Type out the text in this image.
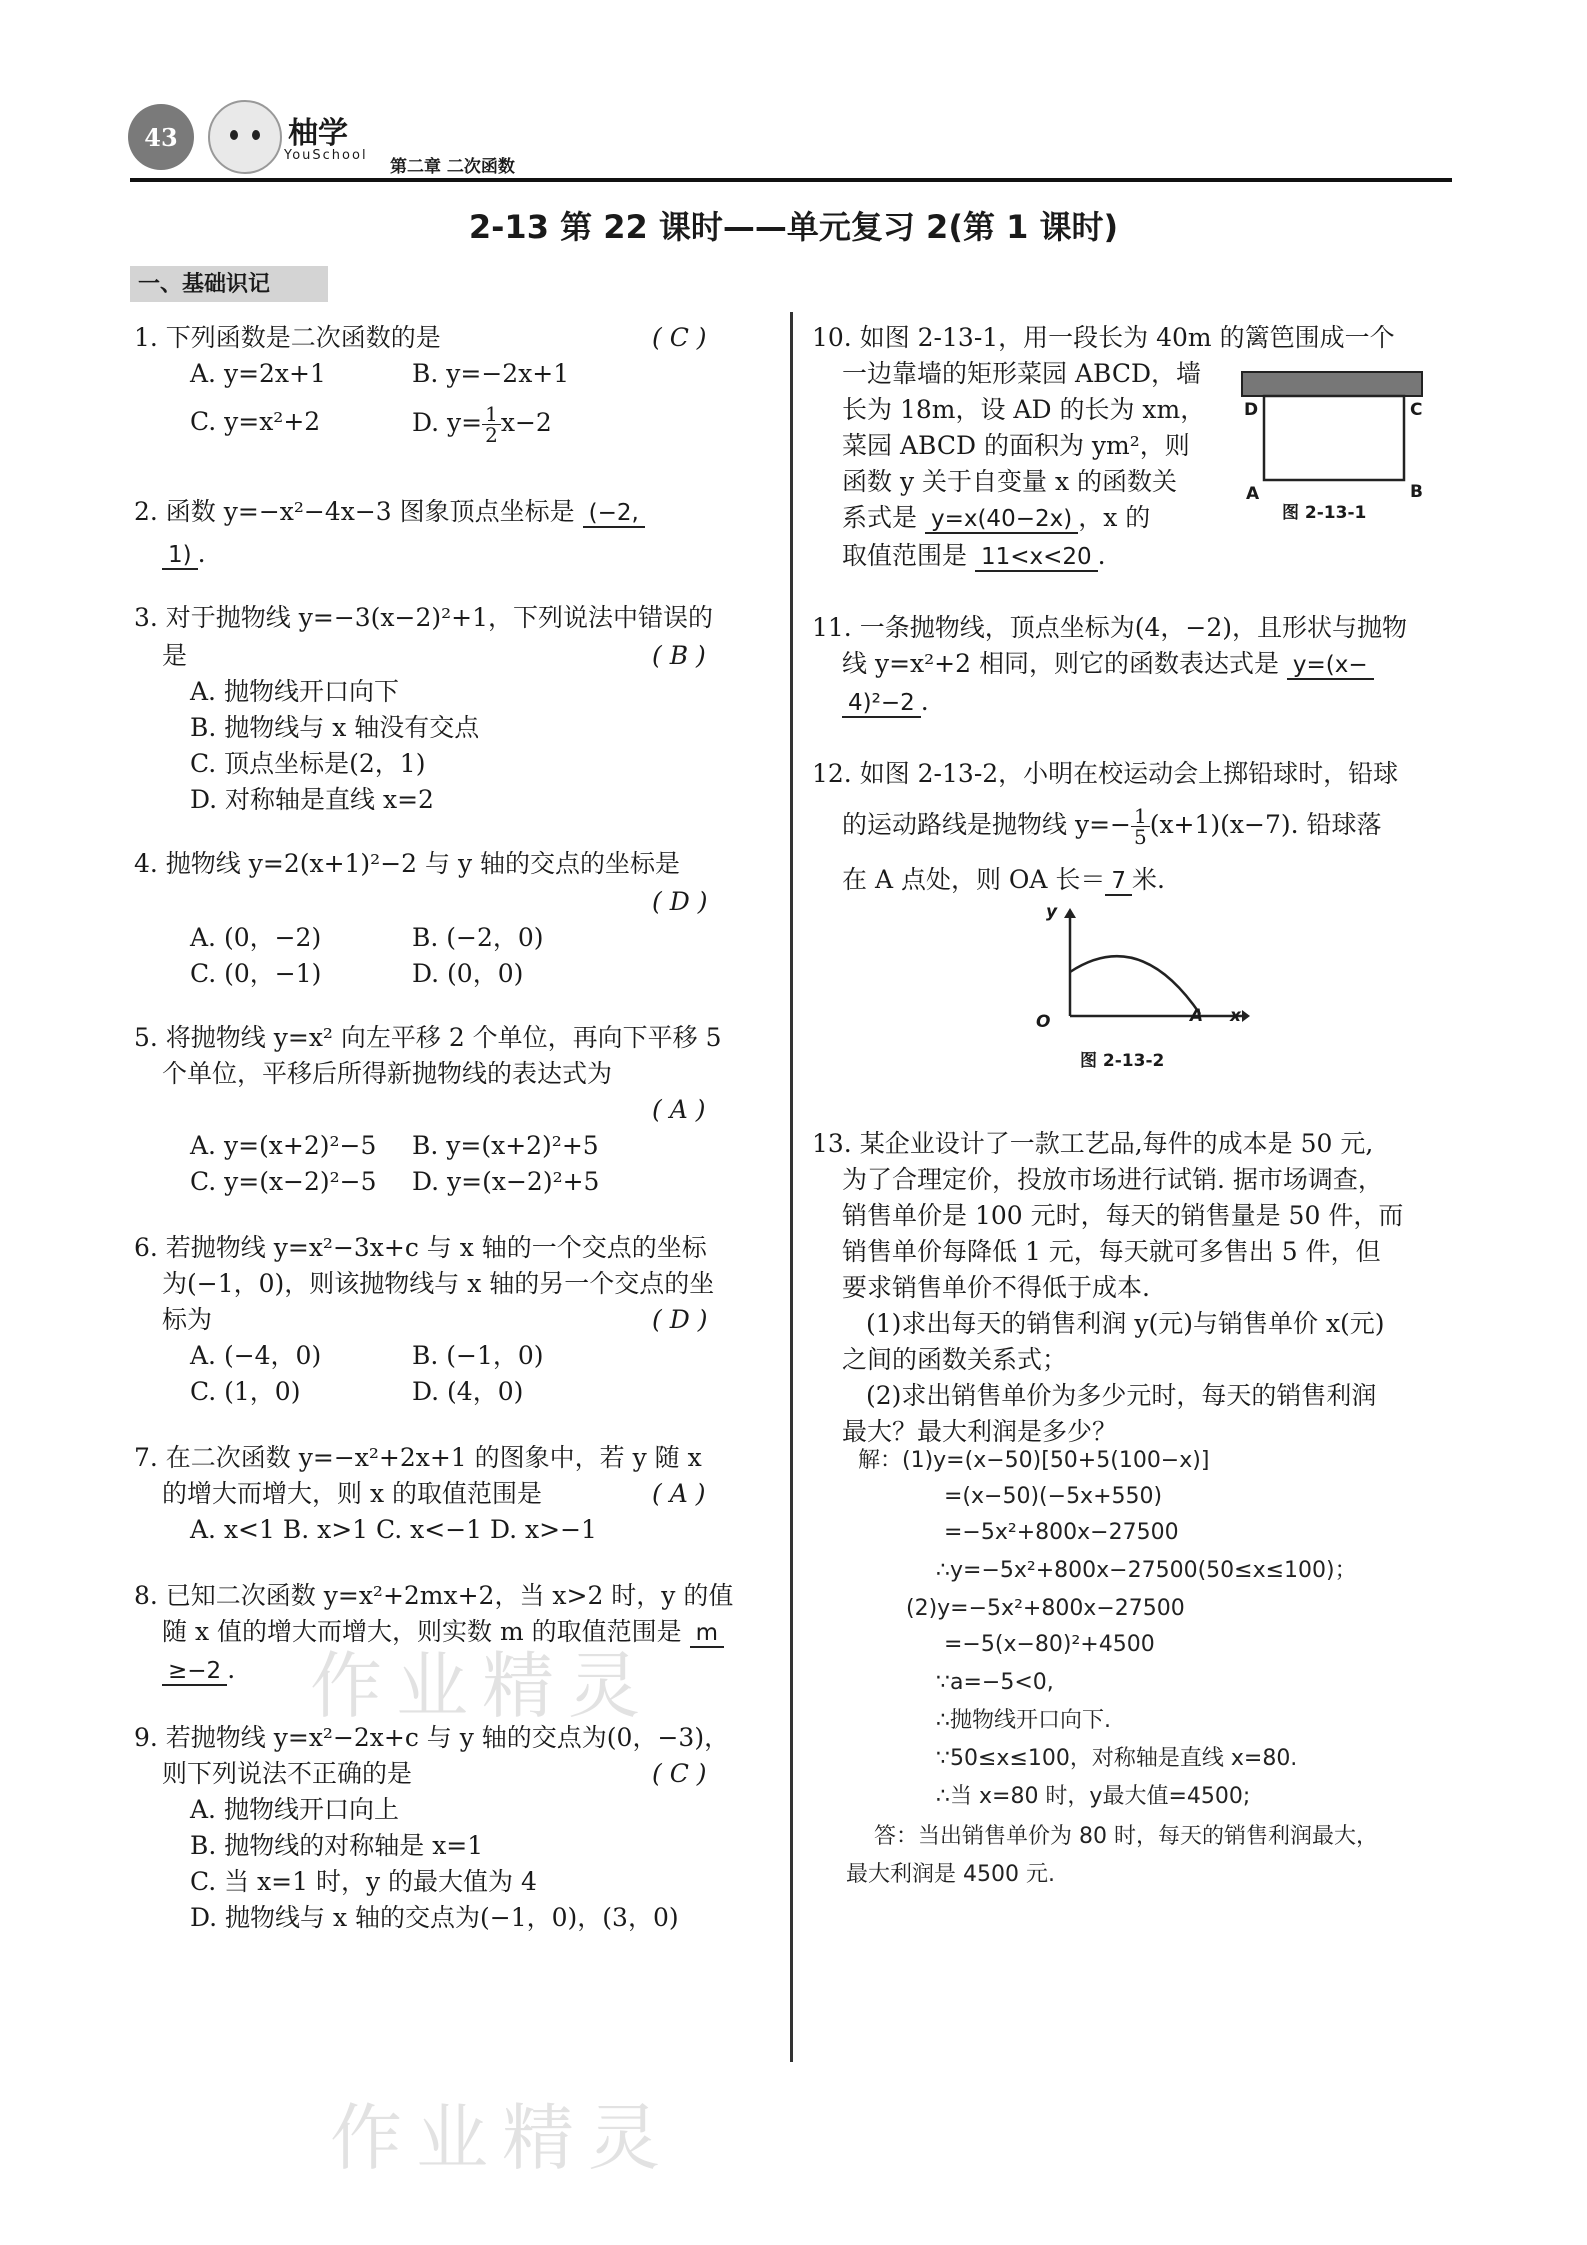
43	柚学
YouSchool
第二章 二次函数
2-13 第 22 课时——单元复习 2(第 1 课时)
一、基础识记
1. 下列函数是二次函数的是	( C )
A. y=2x+1	B. y=−2x+1
C. y=x²+2	D. $y= \frac{1}{2} x-2$
2. 函数 y=−x²−4x−3 图象顶点坐标是 (−2,
1) .
3. 对于抛物线 y=−3(x−2)²+1，下列说法中错误的
是	( B )
A. 抛物线开口向下
B. 抛物线与 x 轴没有交点
C. 顶点坐标是(2，1)
D. 对称轴是直线 x=2
4. 抛物线 y=2(x+1)²−2 与 y 轴的交点的坐标是
( D )
A. (0，−2)	B. (−2，0)
C. (0，−1)	D. (0，0)
5. 将抛物线 y=x² 向左平移 2 个单位，再向下平移 5
个单位，平移后所得新抛物线的表达式为
( A )
A. y=(x+2)²−5 B. y=(x+2)²+5
C. y=(x−2)²−5 D. y=(x−2)²+5
6. 若抛物线 y=x²−3x+c 与 x 轴的一个交点的坐标
为(−1，0)，则该抛物线与 x 轴的另一个交点的坐
标为	( D )
A. (−4，0)	B. (−1，0)
C. (1，0)	D. (4，0)
7. 在二次函数 y=−x²+2x+1 的图象中，若 y 随 x
的增大而增大，则 x 的取值范围是	( A )
A. x<1 B. x>1 C. x<−1 D. x>−1
8. 已知二次函数 y=x²+2mx+2，当 x>2 时，y 的值
随 x 值的增大而增大，则实数 m 的取值范围是 m
≥−2 .
9. 若抛物线 y=x²−2x+c 与 y 轴的交点为(0，−3)，
则下列说法不正确的是	( C )
A. 抛物线开口向上
B. 抛物线的对称轴是 x=1
C. 当 x=1 时，y 的最大值为 4
D. 抛物线与 x 轴的交点为(−1，0)，(3，0)
10. 如图 2-13-1，用一段长为 40m 的篱笆围成一个
一边靠墙的矩形菜园 ABCD，墙
长为 18m，设 AD 的长为 xm，
菜园 ABCD 的面积为 ym²，则
函数 y 关于自变量 x 的函数关
系式是 y=x(40−2x) ，x 的
取值范围是 11<x<20 .
D	C
A	B
图 2-13-1
11. 一条抛物线，顶点坐标为(4，−2)，且形状与抛物
线 y=x²+2 相同，则它的函数表达式是 y=(x−
4)²−2 .
12. 如图 2-13-2，小明在校运动会上掷铅球时，铅球
的运动路线是抛物线 $y=- \frac{1}{5} (x+1)(x-7)$. 铅球落
在 A 点处，则 OA 长＝ 7 米.
y
O	A x
图 2-13-2
13. 某企业设计了一款工艺品,每件的成本是 50 元,
为了合理定价，投放市场进行试销. 据市场调查，
销售单价是 100 元时，每天的销售量是 50 件，而
销售单价每降低 1 元，每天就可多售出 5 件，但
要求销售单价不得低于成本.
(1)求出每天的销售利润 y(元)与销售单价 x(元)
之间的函数关系式；
(2)求出销售单价为多少元时，每天的销售利润
最大？最大利润是多少？
解：(1)y=(x−50)[50+5(100−x)]
=(x−50)(−5x+550)
=−5x²+800x−27500
∴y=−5x²+800x−27500(50≤x≤100)；
(2)y=−5x²+800x−27500
=−5(x−80)²+4500
∵a=−5<0,
∴抛物线开口向下.
∵50≤x≤100，对称轴是直线 x=80.
∴当 x=80 时，y最大值=4500;
答：当出销售单价为 80 时，每天的销售利润最大，
最大利润是 4500 元.
作业精灵
作业精灵
